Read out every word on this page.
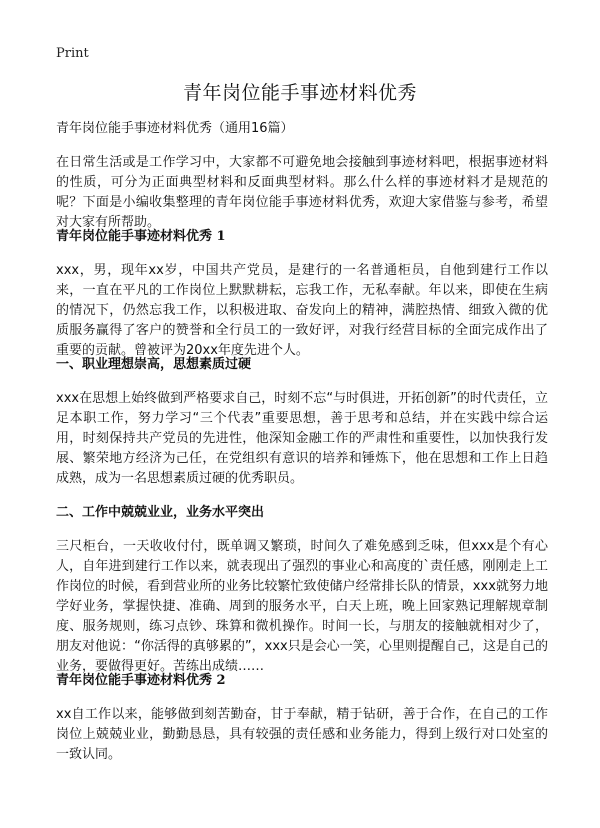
Print
青年岗位能手事迹材料优秀
青年岗位能手事迹材料优秀（通用16篇）

在日常生活或是工作学习中，大家都不可避免地会接触到事迹材料吧，根据事迹材料的性质，可分为正面典型材料和反面典型材料。那么什么样的事迹材料才是规范的呢？下面是小编收集整理的青年岗位能手事迹材料优秀，欢迎大家借鉴与参考，希望对大家有所帮助。

青年岗位能手事迹材料优秀 1

xxx，男，现年xx岁，中国共产党员，是建行的一名普通柜员，自他到建行工作以来，一直在平凡的工作岗位上默默耕耘，忘我工作，无私奉献。年以来，即使在生病的情况下，仍然忘我工作，以积极进取、奋发向上的精神，满腔热情、细致入微的优质服务赢得了客户的赞誉和全行员工的一致好评，对我行经营目标的全面完成作出了重要的贡献。曾被评为20xx年度先进个人。

一、职业理想崇高，思想素质过硬

xxx在思想上始终做到严格要求自己，时刻不忘“与时俱进，开拓创新”的时代责任，立足本职工作，努力学习“三个代表”重要思想，善于思考和总结，并在实践中综合运用，时刻保持共产党员的先进性，他深知金融工作的严肃性和重要性，以加快我行发展、繁荣地方经济为己任，在党组织有意识的培养和锤炼下，他在思想和工作上日趋成熟，成为一名思想素质过硬的优秀职员。

二、工作中兢兢业业，业务水平突出

三尺柜台，一天收收付付，既单调又繁琐，时间久了难免感到乏味，但xxx是个有心人，自年进到建行工作以来，就表现出了强烈的事业心和高度的`责任感，刚刚走上工作岗位的时候，看到营业所的业务比较繁忙致使储户经常排长队的情景，xxx就努力地学好业务，掌握快捷、准确、周到的服务水平，白天上班，晚上回家熟记理解规章制度、服务规则，练习点钞、珠算和微机操作。时间一长，与朋友的接触就相对少了，朋友对他说：“你活得的真够累的”，xxx只是会心一笑，心里则提醒自己，这是自己的业务，要做得更好。苦练出成绩……

青年岗位能手事迹材料优秀 2

xx自工作以来，能够做到刻苦勤奋，甘于奉献，精于钻研，善于合作，在自己的工作岗位上兢兢业业，勤勤恳恳，具有较强的责任感和业务能力，得到上级行对口处室的一致认同。
